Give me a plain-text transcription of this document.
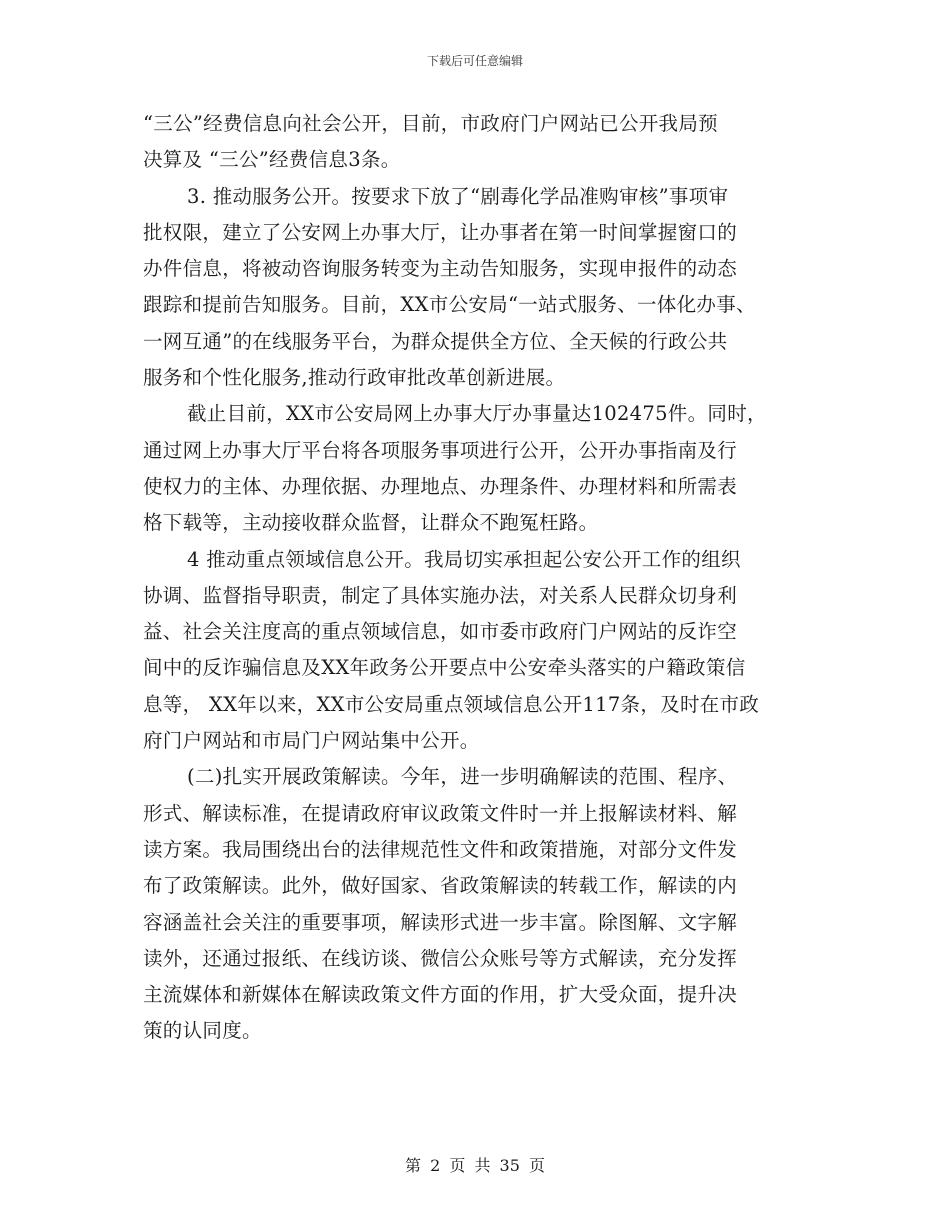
下载后可任意编辑
“三公”经费信息向社会公开，目前，市政府门户网站已公开我局预
决算及 “三公”经费信息3条。
3. 推动服务公开。按要求下放了“剧毒化学品准购审核”事项审
批权限，建立了公安网上办事大厅，让办事者在第一时间掌握窗口的
办件信息，将被动咨询服务转变为主动告知服务，实现申报件的动态
跟踪和提前告知服务。目前，XX市公安局“一站式服务、一体化办事、
一网互通”的在线服务平台，为群众提供全方位、全天候的行政公共
服务和个性化服务,推动行政审批改革创新进展。
截止目前，XX市公安局网上办事大厅办事量达102475件。同时，
通过网上办事大厅平台将各项服务事项进行公开，公开办事指南及行
使权力的主体、办理依据、办理地点、办理条件、办理材料和所需表
格下载等，主动接收群众监督，让群众不跑冤枉路。
4 推动重点领域信息公开。我局切实承担起公安公开工作的组织
协调、监督指导职责，制定了具体实施办法，对关系人民群众切身利
益、社会关注度高的重点领域信息，如市委市政府门户网站的反诈空
间中的反诈骗信息及XX年政务公开要点中公安牵头落实的户籍政策信
息等， XX年以来，XX市公安局重点领域信息公开117条，及时在市政
府门户网站和市局门户网站集中公开。
(二)扎实开展政策解读。今年，进一步明确解读的范围、程序、
形式、解读标准，在提请政府审议政策文件时一并上报解读材料、解
读方案。我局围绕出台的法律规范性文件和政策措施，对部分文件发
布了政策解读。此外，做好国家、省政策解读的转载工作，解读的内
容涵盖社会关注的重要事项，解读形式进一步丰富。除图解、文字解
读外，还通过报纸、在线访谈、微信公众账号等方式解读，充分发挥
主流媒体和新媒体在解读政策文件方面的作用，扩大受众面，提升决
策的认同度。
第 2 页 共 35 页
